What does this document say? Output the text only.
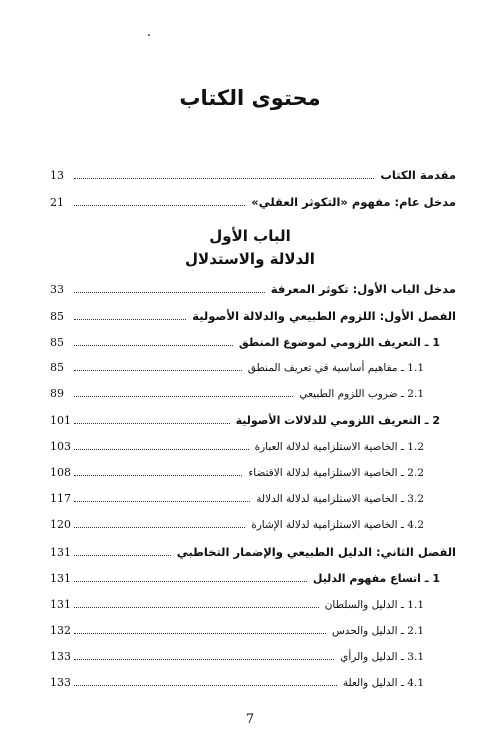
محتوى الكتاب
مقدمة الكتاب
13
مدخل عام: مفهوم «التكوثر العقلي»
21
الباب الأول
الدلالة والاستدلال
مدخل الباب الأول: تكوثر المعرفة
33
الفصل الأول: اللزوم الطبيعي والدلالة الأصولية
85
1 ـ التعريف اللزومي لموضوع المنطق
85
1.1 ـ مفاهيم أساسية في تعريف المنطق
85
2.1 ـ ضروب اللزوم الطبيعي
89
2 ـ التعريف اللزومي للدلالات الأصولية
101
1.2 ـ الخاصية الاستلزامية لدلالة العبارة
103
2.2 ـ الخاصية الاستلزامية لدلالة الاقتضاء
108
3.2 ـ الخاصية الاستلزامية لدلالة الدلالة
117
4.2 ـ الخاصية الاستلزامية لدلالة الإشارة
120
الفصل الثاني: الدليل الطبيعي والإضمار التخاطبي
131
1 ـ اتساع مفهوم الدليل
131
1.1 ـ الدليل والسلطان
131
2.1 ـ الدليل والحدس
132
3.1 ـ الدليل والرأي
133
4.1 ـ الدليل والعلة
133
7
